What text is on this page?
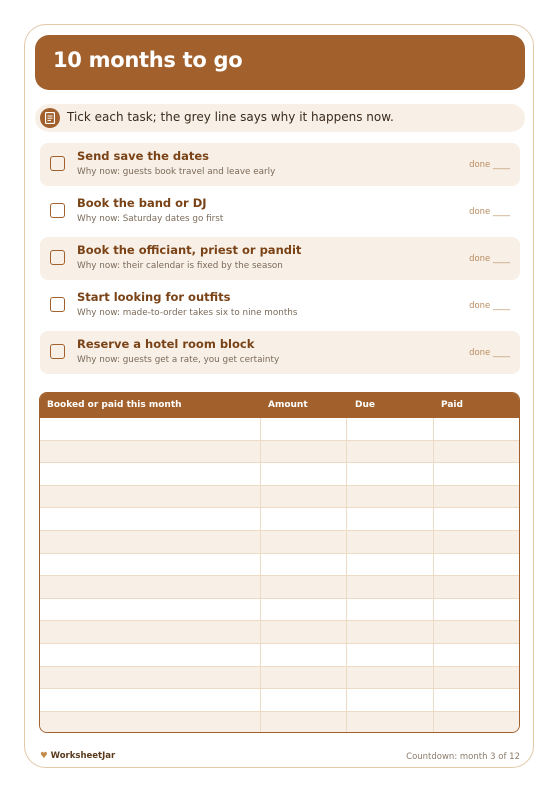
10 months to go
Tick each task; the grey line says why it happens now.
Send save the dates
Why now: guests book travel and leave early
done ____
Book the band or DJ
Why now: Saturday dates go first
done ____
Book the officiant, priest or pandit
Why now: their calendar is fixed by the season
done ____
Start looking for outfits
Why now: made-to-order takes six to nine months
done ____
Reserve a hotel room block
Why now: guests get a rate, you get certainty
done ____
Booked or paid this month	Amount	Due	Paid
♥ WorksheetJar	Countdown: month 3 of 12
